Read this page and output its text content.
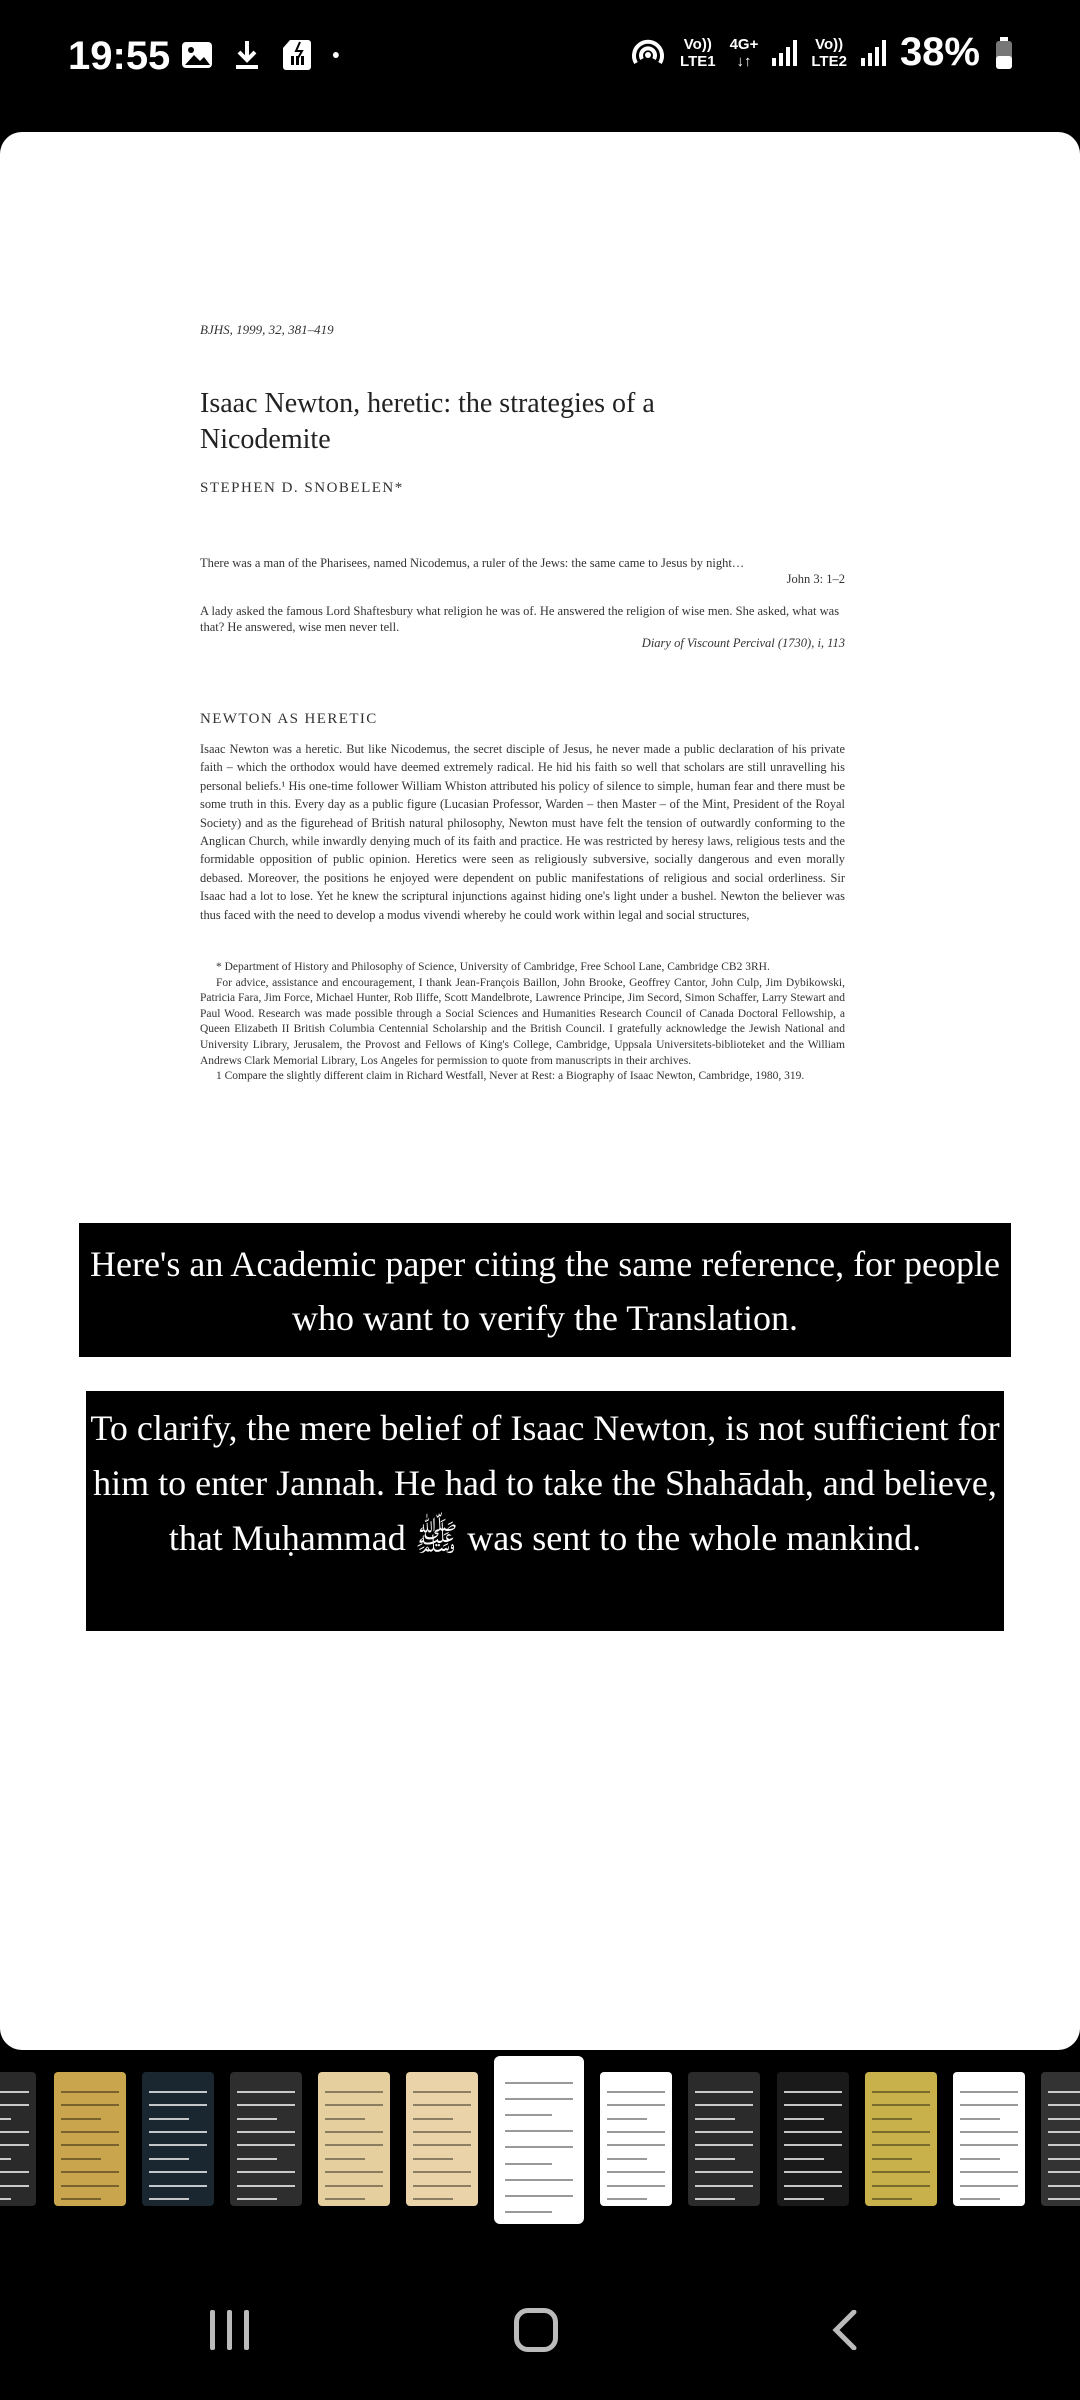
19:55	Vo))
LTE1
4G+
↓↑
Vo))
LTE2 38%
BJHS, 1999, 32, 381–419
Isaac Newton, heretic: the strategies of a Nicodemite
STEPHEN D. SNOBELEN*
There was a man of the Pharisees, named Nicodemus, a ruler of the Jews: the same came to Jesus by night…
John 3: 1–2
A lady asked the famous Lord Shaftesbury what religion he was of. He answered the religion of wise men. She asked, what was that? He answered, wise men never tell.
Diary of Viscount Percival (1730), i, 113
NEWTON AS HERETIC
Isaac Newton was a heretic. But like Nicodemus, the secret disciple of Jesus, he never made a public declaration of his private faith – which the orthodox would have deemed extremely radical. He hid his faith so well that scholars are still unravelling his personal beliefs.¹ His one-time follower William Whiston attributed his policy of silence to simple, human fear and there must be some truth in this. Every day as a public figure (Lucasian Professor, Warden – then Master – of the Mint, President of the Royal Society) and as the figurehead of British natural philosophy, Newton must have felt the tension of outwardly conforming to the Anglican Church, while inwardly denying much of its faith and practice. He was restricted by heresy laws, religious tests and the formidable opposition of public opinion. Heretics were seen as religiously subversive, socially dangerous and even morally debased. Moreover, the positions he enjoyed were dependent on public manifestations of religious and social orderliness. Sir Isaac had a lot to lose. Yet he knew the scriptural injunctions against hiding one's light under a bushel. Newton the believer was thus faced with the need to develop a modus vivendi whereby he could work within legal and social structures,

* Department of History and Philosophy of Science, University of Cambridge, Free School Lane, Cambridge CB2 3RH.

For advice, assistance and encouragement, I thank Jean-François Baillon, John Brooke, Geoffrey Cantor, John Culp, Jim Dybikowski, Patricia Fara, Jim Force, Michael Hunter, Rob Iliffe, Scott Mandelbrote, Lawrence Principe, Jim Secord, Simon Schaffer, Larry Stewart and Paul Wood. Research was made possible through a Social Sciences and Humanities Research Council of Canada Doctoral Fellowship, a Queen Elizabeth II British Columbia Centennial Scholarship and the British Council. I gratefully acknowledge the Jewish National and University Library, Jerusalem, the Provost and Fellows of King's College, Cambridge, Uppsala Universitets-biblioteket and the William Andrews Clark Memorial Library, Los Angeles for permission to quote from manuscripts in their archives.

1 Compare the slightly different claim in Richard Westfall, Never at Rest: a Biography of Isaac Newton, Cambridge, 1980, 319.

Here's an Academic paper citing the same reference, for people who want to verify the Translation.
To clarify, the mere belief of Isaac Newton, is not sufficient for him to enter Jannah. He had to take the Shahādah, and believe, that Muḥammad ﷺ was sent to the whole mankind.
